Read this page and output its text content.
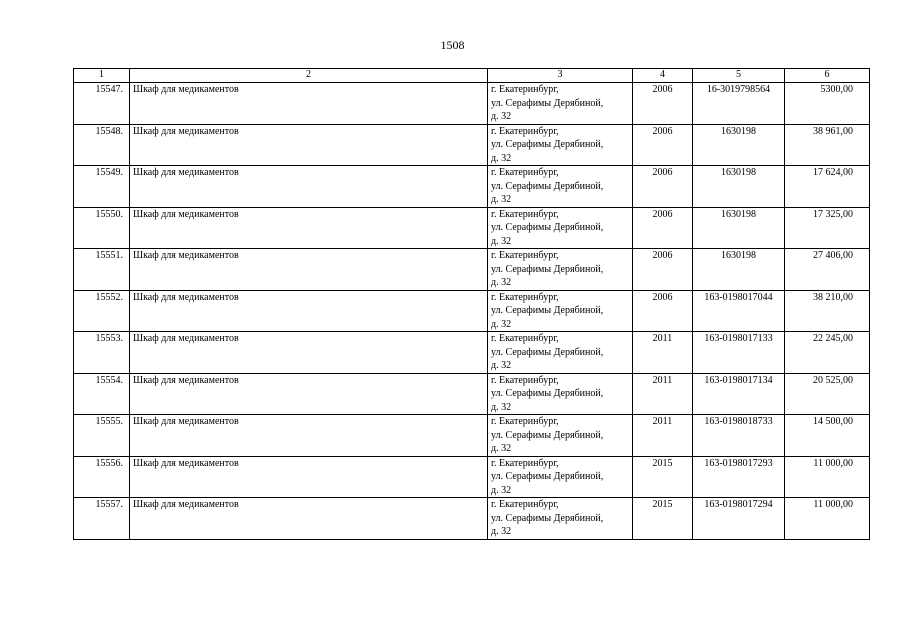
1508
1	2	3	4	5	6
15547.	Шкаф для медикаментов	г. Екатеринбург,
ул. Серафимы Дерябиной,
д. 32	2006	16-3019798564	5300,00
15548.	Шкаф для медикаментов	г. Екатеринбург,
ул. Серафимы Дерябиной,
д. 32	2006	1630198	38 961,00
15549.	Шкаф для медикаментов	г. Екатеринбург,
ул. Серафимы Дерябиной,
д. 32	2006	1630198	17 624,00
15550.	Шкаф для медикаментов	г. Екатеринбург,
ул. Серафимы Дерябиной,
д. 32	2006	1630198	17 325,00
15551.	Шкаф для медикаментов	г. Екатеринбург,
ул. Серафимы Дерябиной,
д. 32	2006	1630198	27 406,00
15552.	Шкаф для медикаментов	г. Екатеринбург,
ул. Серафимы Дерябиной,
д. 32	2006	163-0198017044	38 210,00
15553.	Шкаф для медикаментов	г. Екатеринбург,
ул. Серафимы Дерябиной,
д. 32	2011	163-0198017133	22 245,00
15554.	Шкаф для медикаментов	г. Екатеринбург,
ул. Серафимы Дерябиной,
д. 32	2011	163-0198017134	20 525,00
15555.	Шкаф для медикаментов	г. Екатеринбург,
ул. Серафимы Дерябиной,
д. 32	2011	163-0198018733	14 500,00
15556.	Шкаф для медикаментов	г. Екатеринбург,
ул. Серафимы Дерябиной,
д. 32	2015	163-0198017293	11 000,00
15557.	Шкаф для медикаментов	г. Екатеринбург,
ул. Серафимы Дерябиной,
д. 32	2015	163-0198017294	11 000,00
